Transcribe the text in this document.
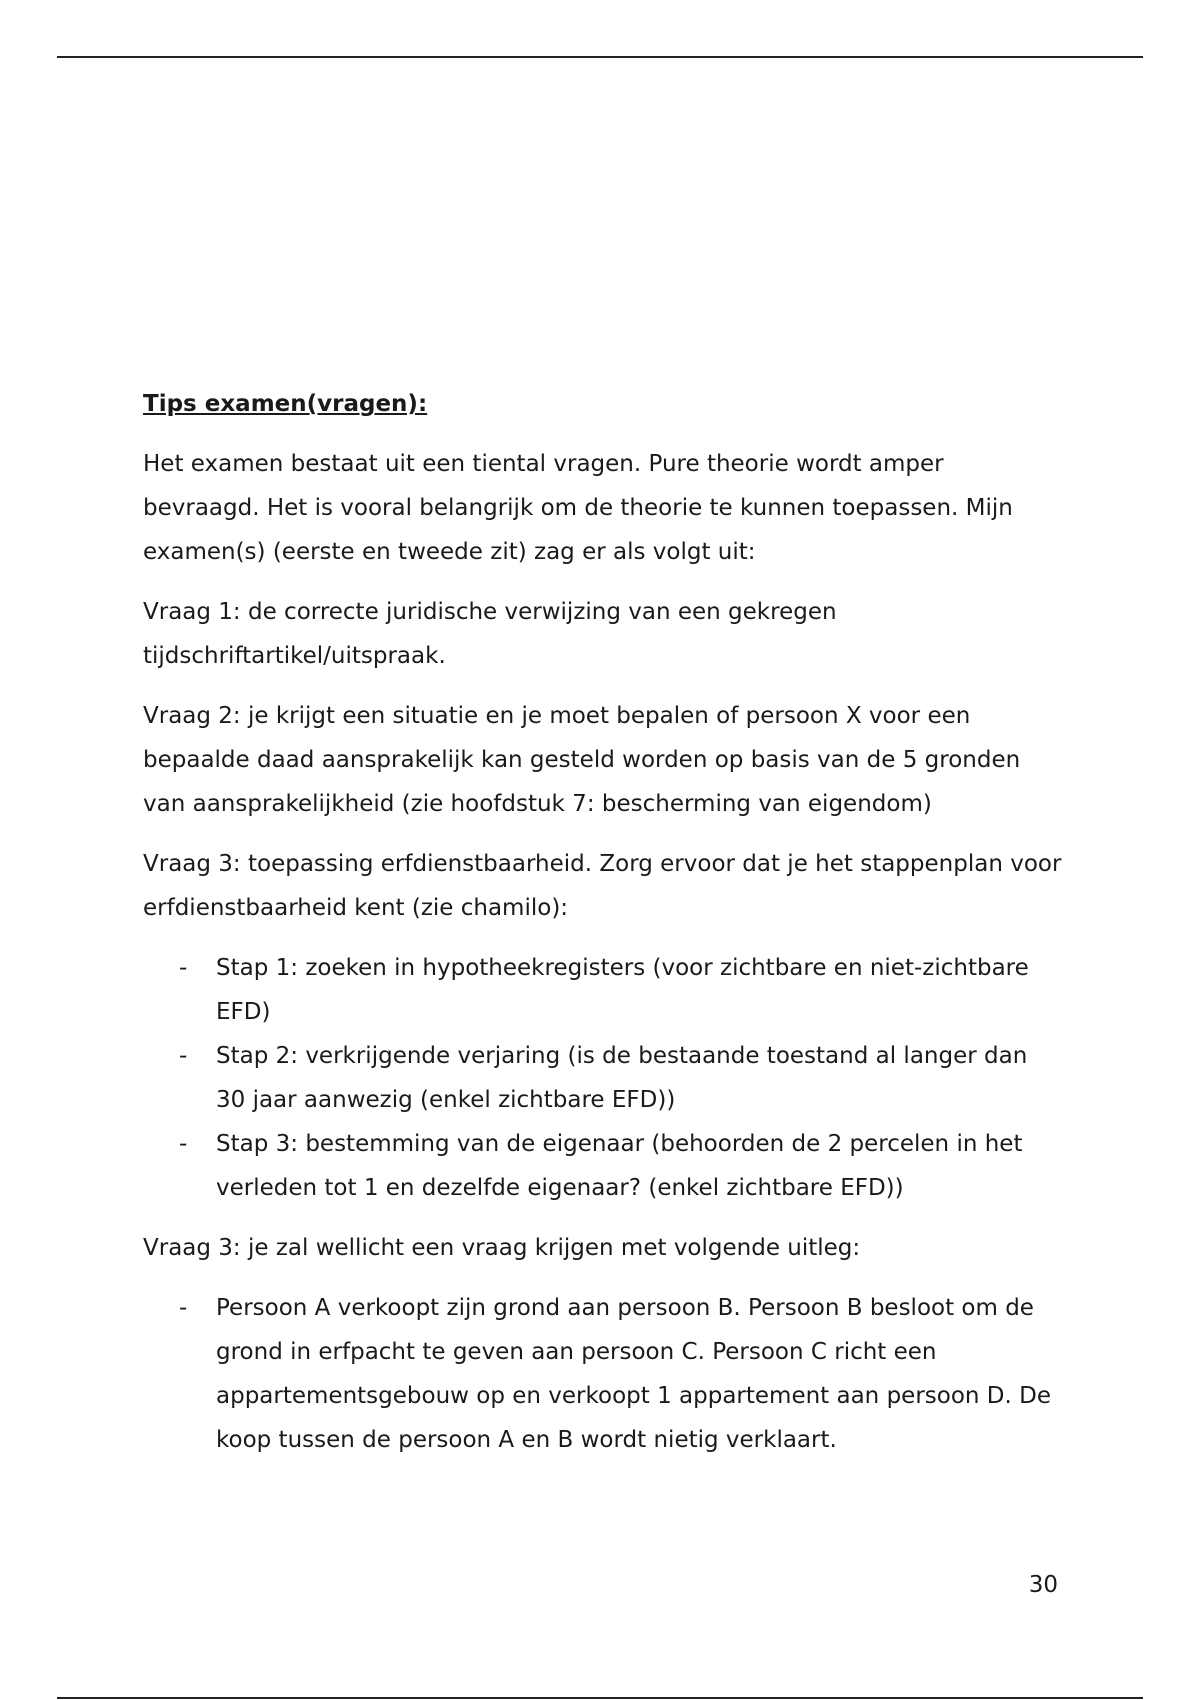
Tips examen(vragen):

Het examen bestaat uit een tiental vragen. Pure theorie wordt amper bevraagd. Het is vooral belangrijk om de theorie te kunnen toepassen. Mijn examen(s) (eerste en tweede zit) zag er als volgt uit:

Vraag 1: de correcte juridische verwijzing van een gekregen tijdschriftartikel/uitspraak.

Vraag 2: je krijgt een situatie en je moet bepalen of persoon X voor een bepaalde daad aansprakelijk kan gesteld worden op basis van de 5 gronden van aansprakelijkheid (zie hoofdstuk 7: bescherming van eigendom)

Vraag 3: toepassing erfdienstbaarheid. Zorg ervoor dat je het stappenplan voor erfdienstbaarheid kent (zie chamilo):

- Stap 1: zoeken in hypotheekregisters (voor zichtbare en niet-zichtbare EFD)
- Stap 2: verkrijgende verjaring (is de bestaande toestand al langer dan 30 jaar aanwezig (enkel zichtbare EFD))
- Stap 3: bestemming van de eigenaar (behoorden de 2 percelen in het verleden tot 1 en dezelfde eigenaar? (enkel zichtbare EFD))

Vraag 3: je zal wellicht een vraag krijgen met volgende uitleg:

- Persoon A verkoopt zijn grond aan persoon B. Persoon B besloot om de grond in erfpacht te geven aan persoon C. Persoon C richt een appartementsgebouw op en verkoopt 1 appartement aan persoon D. De koop tussen de persoon A en B wordt nietig verklaart.
30
